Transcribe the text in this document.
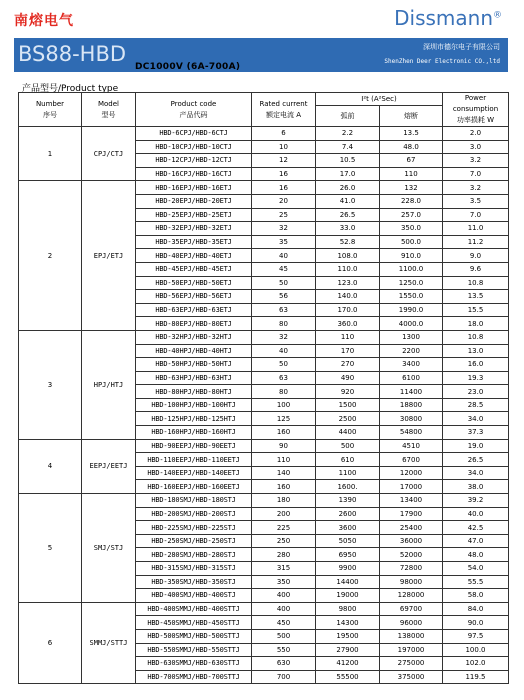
南熔电气	Dissmann®
BS88-HBD	深圳市德尔电子有限公司
ShenZhen Deer Electronic CO.,ltd
DC1000V (6A-700A)
产品型号/Product type
Number
序号	Model
型号	Product code
产品代码	Rated current
额定电流 A	I²t (A²Sec)		Power
consumption
功率损耗 W
				弧前	熔断	
1	CPJ/CTJ	HBD-6CPJ/HBD-6CTJ	6	2.2	13.5	2.0
		HBD-10CPJ/HBD-10CTJ	10	7.4	48.0	3.0
		HBD-12CPJ/HBD-12CTJ	12	10.5	67	3.2
		HBD-16CPJ/HBD-16CTJ	16	17.0	110	7.0
2	EPJ/ETJ	HBD-16EPJ/HBD-16ETJ	16	26.0	132	3.2
		HBD-20EPJ/HBD-20ETJ	20	41.0	228.0	3.5
		HBD-25EPJ/HBD-25ETJ	25	26.5	257.0	7.0
		HBD-32EPJ/HBD-32ETJ	32	33.0	350.0	11.0
		HBD-35EPJ/HBD-35ETJ	35	52.8	500.0	11.2
		HBD-40EPJ/HBD-40ETJ	40	108.0	910.0	9.0
		HBD-45EPJ/HBD-45ETJ	45	110.0	1100.0	9.6
		HBD-50EPJ/HBD-50ETJ	50	123.0	1250.0	10.8
		HBD-56EPJ/HBD-56ETJ	56	140.0	1550.0	13.5
		HBD-63EPJ/HBD-63ETJ	63	170.0	1990.0	15.5
		HBD-80EPJ/HBD-80ETJ	80	360.0	4000.0	18.0
3	HPJ/HTJ	HBD-32HPJ/HBD-32HTJ	32	110	1300	10.8
		HBD-40HPJ/HBD-40HTJ	40	170	2200	13.0
		HBD-50HPJ/HBD-50HTJ	50	270	3400	16.0
		HBD-63HPJ/HBD-63HTJ	63	490	6100	19.3
		HBD-80HPJ/HBD-80HTJ	80	920	11400	23.0
		HBD-100HPJ/HBD-100HTJ	100	1500	18800	28.5
		HBD-125HPJ/HBD-125HTJ	125	2500	30800	34.0
		HBD-160HPJ/HBD-160HTJ	160	4400	54800	37.3
4	EEPJ/EETJ	HBD-90EEPJ/HBD-90EETJ	90	500	4510	19.0
		HBD-110EEPJ/HBD-110EETJ	110	610	6700	26.5
		HBD-140EEPJ/HBD-140EETJ	140	1100	12000	34.0
		HBD-160EEPJ/HBD-160EETJ	160	1600.	17000	38.0
5	SMJ/STJ	HBD-180SMJ/HBD-180STJ	180	1390	13400	39.2
		HBD-200SMJ/HBD-200STJ	200	2600	17900	40.0
		HBD-225SMJ/HBD-225STJ	225	3600	25400	42.5
		HBD-250SMJ/HBD-250STJ	250	5050	36000	47.0
		HBD-280SMJ/HBD-280STJ	280	6950	52000	48.0
		HBD-315SMJ/HBD-315STJ	315	9900	72800	54.0
		HBD-350SMJ/HBD-350STJ	350	14400	98000	55.5
		HBD-400SMJ/HBD-400STJ	400	19000	128000	58.0
6	SMMJ/STTJ	HBD-400SMMJ/HBD-400STTJ	400	9800	69700	84.0
		HBD-450SMMJ/HBD-450STTJ	450	14300	96000	90.0
		HBD-500SMMJ/HBD-500STTJ	500	19500	138000	97.5
		HBD-550SMMJ/HBD-550STTJ	550	27900	197000	100.0
		HBD-630SMMJ/HBD-630STTJ	630	41200	275000	102.0
		HBD-700SMMJ/HBD-700STTJ	700	55500	375000	119.5
